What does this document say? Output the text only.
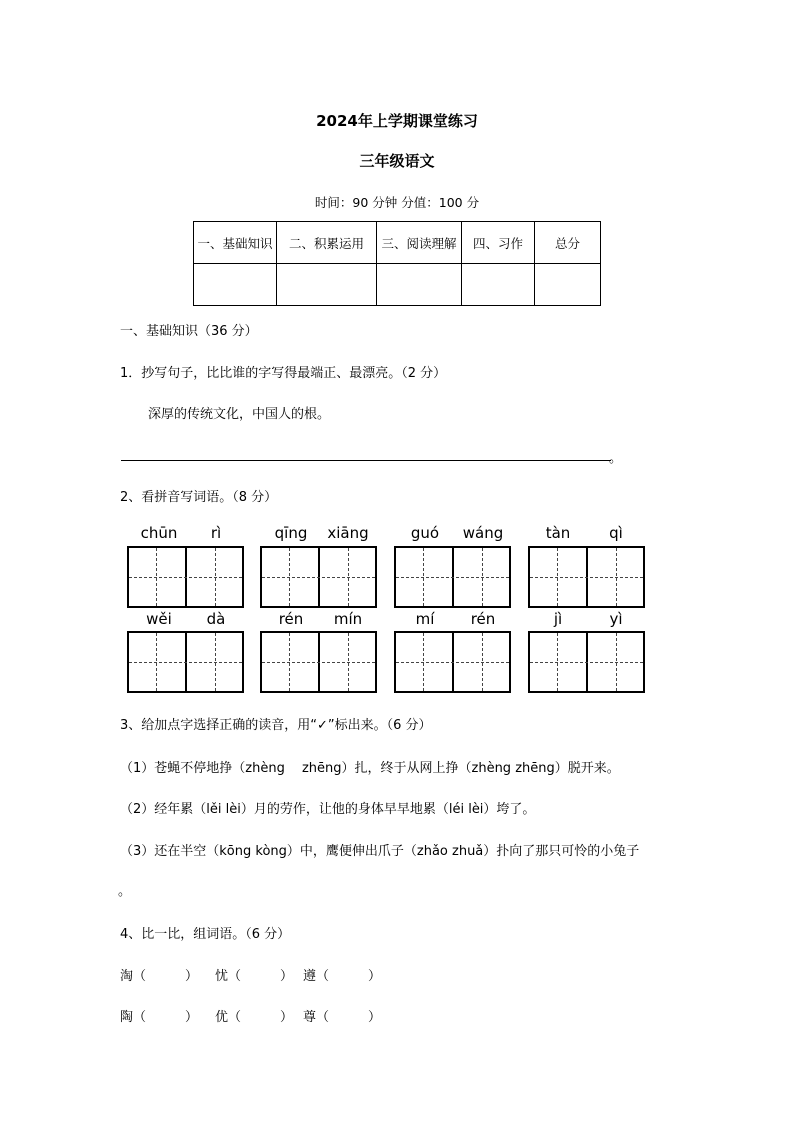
2024年上学期课堂练习
三年级语文
时间：90 分钟 分值：100 分
一、基础知识	二、积累运用	三、阅读理解	四、习作	总分

一、基础知识（36 分）
1．抄写句子，比比谁的字写得最端正、最漂亮。（2 分）
深厚的传统文化，中国人的根。
。
2、看拼音写词语。（8 分）
chūn	rì	qīng	xiāng	guó	wáng	tàn	qì
wěi	dà	rén	mín	mí	rén	jì	yì
3、给加点字选择正确的读音，用“✓”标出来。（6 分）
（1）苍蝇不停地挣（zhèng　 zhēng）扎，终于从网上挣（zhèng zhēng）脱开来。
（2）经年累（lěi lèi）月的劳作，让他的身体早早地累（léi lèi）垮了。
（3）还在半空（kōng kòng）中，鹰便伸出爪子（zhǎo zhuǎ）扑向了那只可怜的小兔子
。
4、比一比，组词语。（6 分）
淘（　　　） 忧（　　　） 遵（　　　）
陶（　　　） 优（　　　） 尊（　　　）
